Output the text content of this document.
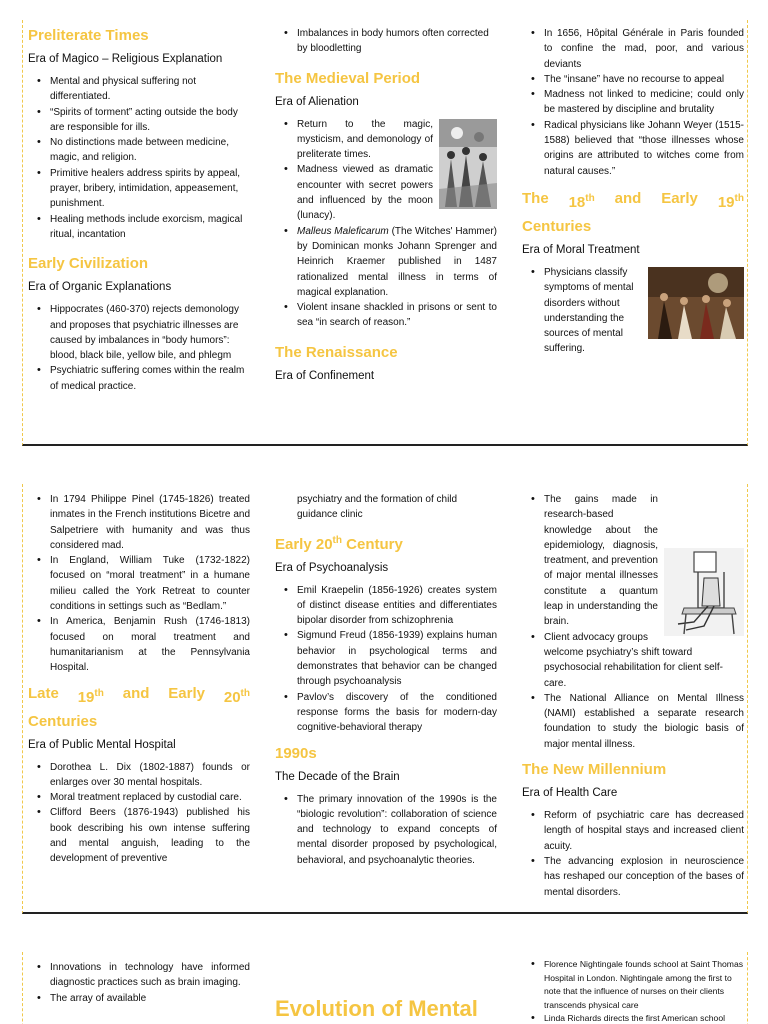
Preliterate Times
Era of Magico – Religious Explanation
• Mental and physical suffering not differentiated.
• “Spirits of torment” acting outside the body are responsible for ills.
• No distinctions made between medicine, magic, and religion.
• Primitive healers address spirits by appeal, prayer, bribery, intimidation, appeasement, punishment.
• Healing methods include exorcism, magical ritual, incantation
Early Civilization
Era of Organic Explanations
• Hippocrates (460-370) rejects demonology and proposes that psychiatric illnesses are caused by imbalances in “body humors”: blood, black bile, yellow bile, and phlegm
• Psychiatric suffering comes within the realm of medical practice.
• Imbalances in body humors often corrected by bloodletting
The Medieval Period
Era of Alienation
• Return to the magic, mysticism, and demonology of preliterate times.
• Madness viewed as dramatic encounter with secret powers and influenced by the moon (lunacy).
• Malleus Maleficarum (The Witches' Hammer) by Dominican monks Johann Sprenger and Heinrich Kraemer published in 1487 rationalized mental illness in terms of magical explanation.
• Violent insane shackled in prisons or sent to sea “in search of reason.”
The Renaissance
Era of Confinement
• In 1656, Hôpital Générale in Paris founded to confine the mad, poor, and various deviants
• The “insane” have no recourse to appeal
• Madness not linked to medicine; could only be mastered by discipline and brutality
• Radical physicians like Johann Weyer (1515-1588) believed that “those illnesses whose origins are attributed to witches come from natural causes.”
The 18th and Early 19th
Centuries
Era of Moral Treatment
• Physicians classify symptoms of mental disorders without understanding the sources of mental suffering.
• In 1794 Philippe Pinel (1745-1826) treated inmates in the French institutions Bicetre and Salpetriere with humanity and was thus considered mad.
• In England, William Tuke (1732-1822) focused on “moral treatment” in a humane milieu called the York Retreat to counter conditions in settings such as “Bedlam.”
• In America, Benjamin Rush (1746-1813) focused on moral treatment and humanitarianism at the Pennsylvania Hospital.
Late 19th and Early 20th
Centuries
Era of Public Mental Hospital
• Dorothea L. Dix (1802-1887) founds or enlarges over 30 mental hospitals.
• Moral treatment replaced by custodial care.
• Clifford Beers (1876-1943) published his book describing his own intense suffering and mental anguish, leading to the development of preventive

psychiatry and the formation of child guidance clinic

Early 20th Century
Era of Psychoanalysis
• Emil Kraepelin (1856-1926) creates system of distinct disease entities and differentiates bipolar disorder from schizophrenia
• Sigmund Freud (1856-1939) explains human behavior in psychological terms and demonstrates that behavior can be changed through psychoanalysis
• Pavlov’s discovery of the conditioned response forms the basis for modern-day cognitive-behavioral therapy
1990s
The Decade of the Brain
• The primary innovation of the 1990s is the “biologic revolution”: collaboration of science and technology to expand concepts of mental disorder proposed by psychological, behavioral, and psychoanalytic theories.
• The gains made in research-based knowledge about the epidemiology, diagnosis, treatment, and prevention of major mental illnesses constitute a quantum leap in understanding the brain.
• Client advocacy groups welcome psychiatry’s shift toward psychosocial rehabilitation for client self-care.
• The National Alliance on Mental Illness (NAMI) established a separate research foundation to study the biologic basis of major mental illness.
The New Millennium
Era of Health Care
• Reform of psychiatric care has decreased length of hospital stays and increased client acuity.
• The advancing explosion in neuroscience has reshaped our conception of the bases of mental disorders.
• Innovations in technology have informed diagnostic practices such as brain imaging.
• The array of available	Evolution of Mental
• Florence Nightingale founds school at Saint Thomas Hospital in London. Nightingale among the first to note that the influence of nurses on their clients transcends physical care
• Linda Richards directs the first American school
